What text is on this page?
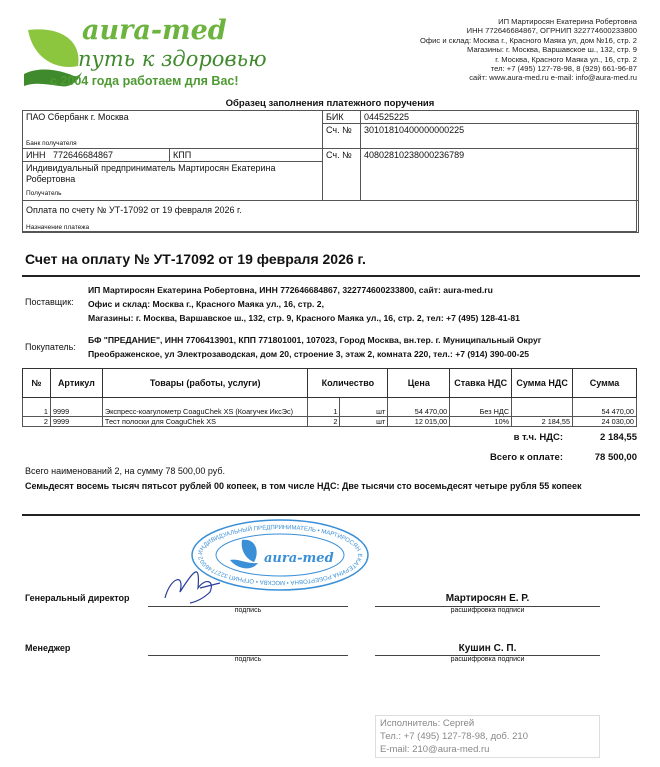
aura-med
путь к здоровью
с 2004 года работаем для Вас!
ИП Мартиросян Екатерина Робертовна
ИНН 772646684867, ОГРНИП 322774600233800
Офис и склад: Москва г., Красного Маяка ул, дом №16, стр. 2
Магазины: г. Москва, Варшавское ш., 132, стр. 9
г. Москва, Красного Маяка ул., 16, стр. 2
тел: +7 (495) 127-78-98, 8 (929) 661-96-87
сайт: www.aura-med.ru e-mail: info@aura-med.ru
Образец заполнения платежного поручения
ПАО Сбербанк г. Москва
Банк получателя
БИК	044525225
Сч. №	30101810400000000225
ИНН 772646684867	КПП
Индивидуальный предприниматель Мартиросян Екатерина Робертовна
Получатель
Сч. №	40802810238000236789
Оплата по счету № УТ-17092 от 19 февраля 2026 г.
Назначение платежа
Счет на оплату № УТ-17092 от 19 февраля 2026 г.
Поставщик:
ИП Мартиросян Екатерина Робертовна, ИНН 772646684867, 322774600233800, сайт: aura-med.ru
Офис и склад: Москва г., Красного Маяка ул., 16, стр. 2,
Магазины: г. Москва, Варшавское ш., 132, стр. 9, Красного Маяка ул., 16, стр. 2, тел: +7 (495) 128-41-81
Покупатель:
БФ "ПРЕДАНИЕ", ИНН 7706413901, КПП 771801001, 107023, Город Москва, вн.тер. г. Муниципальный Округ
Преображенское, ул Электрозаводская, дом 20, строение 3, этаж 2, комната 220, тел.: +7 (914) 390-00-25
№	Артикул	Товары (работы, услуги)	Количество		Цена	Ставка НДС	Сумма НДС	Сумма
1	9999	Экспресс-коагулометр CoaguChek XS (Коагучек ИксЭс)	1	шт	54 470,00	Без НДС		54 470,00
2	9999	Тест полоски для CoaguChek XS	2	шт	12 015,00	10%	2 184,55	24 030,00
в т.ч. НДС:	2 184,55
Всего к оплате:	78 500,00
Всего наименований 2, на сумму 78 500,00 руб.
Семьдесят восемь тысяч пятьсот рублей 00 копеек, в том числе НДС: Две тысячи сто восемьдесят четыре рубля 55 копеек
ИНДИВИДУАЛЬНЫЙ ПРЕДПРИНИМАТЕЛЬ • МАРТИРОСЯН ЕКАТЕРИНА РОБЕРТОВНА • МОСКВА • ОГРНИП 3227746002	aura-med
Генеральный директор
подпись
Мартиросян Е. Р.
расшифровка подписи
Менеджер
подпись
Кушин С. П.
расшифровка подписи
Исполнитель: Сергей
Тел.: +7 (495) 127-78-98, доб. 210
E-mail: 210@aura-med.ru
